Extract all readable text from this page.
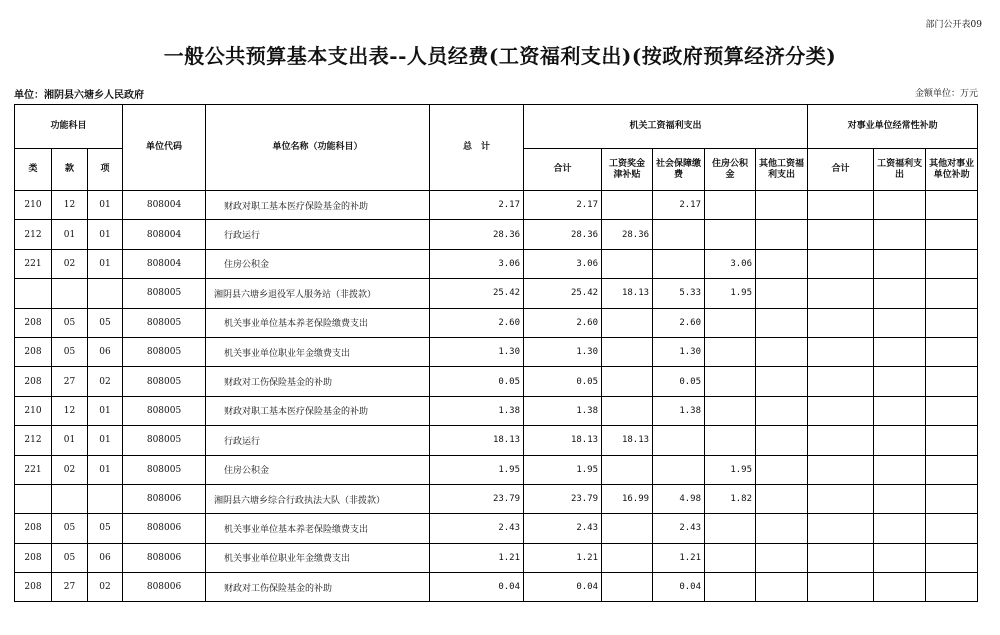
部门公开表09
一般公共预算基本支出表--人员经费(工资福利支出)(按政府预算经济分类)
单位：湘阴县六塘乡人民政府	金额单位：万元
功能科目			单位代码	单位名称（功能科目）	总　计	机关工资福利支出					对事业单位经常性补助		
类	款	项				合计	工资奖金津补贴	社会保障缴费	住房公积金	其他工资福利支出	合计	工资福利支出	其他对事业单位补助
210	12	01	808004	财政对职工基本医疗保险基金的补助	2.17	2.17		2.17					
212	01	01	808004	行政运行	28.36	28.36	28.36						
221	02	01	808004	住房公积金	3.06	3.06			3.06				
			808005	湘阴县六塘乡退役军人服务站（非拨款）	25.42	25.42	18.13	5.33	1.95				
208	05	05	808005	机关事业单位基本养老保险缴费支出	2.60	2.60		2.60					
208	05	06	808005	机关事业单位职业年金缴费支出	1.30	1.30		1.30					
208	27	02	808005	财政对工伤保险基金的补助	0.05	0.05		0.05					
210	12	01	808005	财政对职工基本医疗保险基金的补助	1.38	1.38		1.38					
212	01	01	808005	行政运行	18.13	18.13	18.13						
221	02	01	808005	住房公积金	1.95	1.95			1.95				
			808006	湘阴县六塘乡综合行政执法大队（非拨款）	23.79	23.79	16.99	4.98	1.82				
208	05	05	808006	机关事业单位基本养老保险缴费支出	2.43	2.43		2.43					
208	05	06	808006	机关事业单位职业年金缴费支出	1.21	1.21		1.21					
208	27	02	808006	财政对工伤保险基金的补助	0.04	0.04		0.04					
